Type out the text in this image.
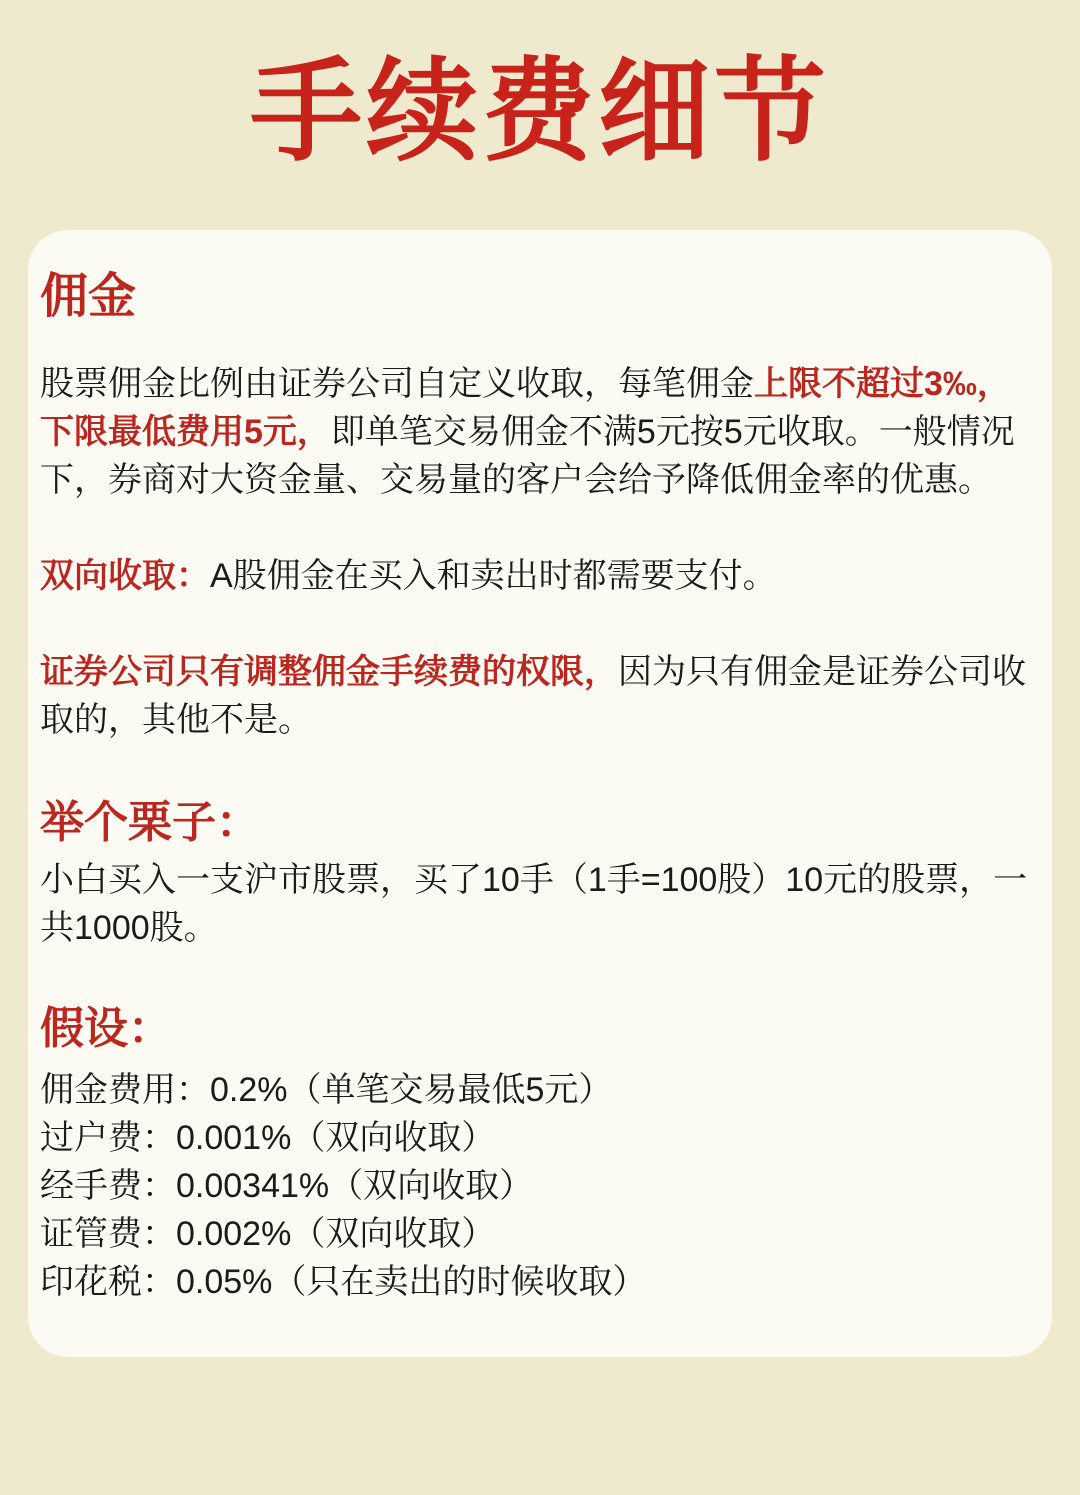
手续费细节
佣金

股票佣金比例由证券公司自定义收取，每笔佣金上限不超过3‰，下限最低费用5元，即单笔交易佣金不满5元按5元收取。一般情况下，券商对大资金量、交易量的客户会给予降低佣金率的优惠。

双向收取：A股佣金在买入和卖出时都需要支付。

证券公司只有调整佣金手续费的权限，因为只有佣金是证券公司收取的，其他不是。

举个栗子：

小白买入一支沪市股票，买了10手（1手=100股）10元的股票，一共1000股。

假设：
佣金费用：0.2%（单笔交易最低5元）
过户费：0.001%（双向收取）
经手费：0.00341%（双向收取）
证管费：0.002%（双向收取）
印花税：0.05%（只在卖出的时候收取）
